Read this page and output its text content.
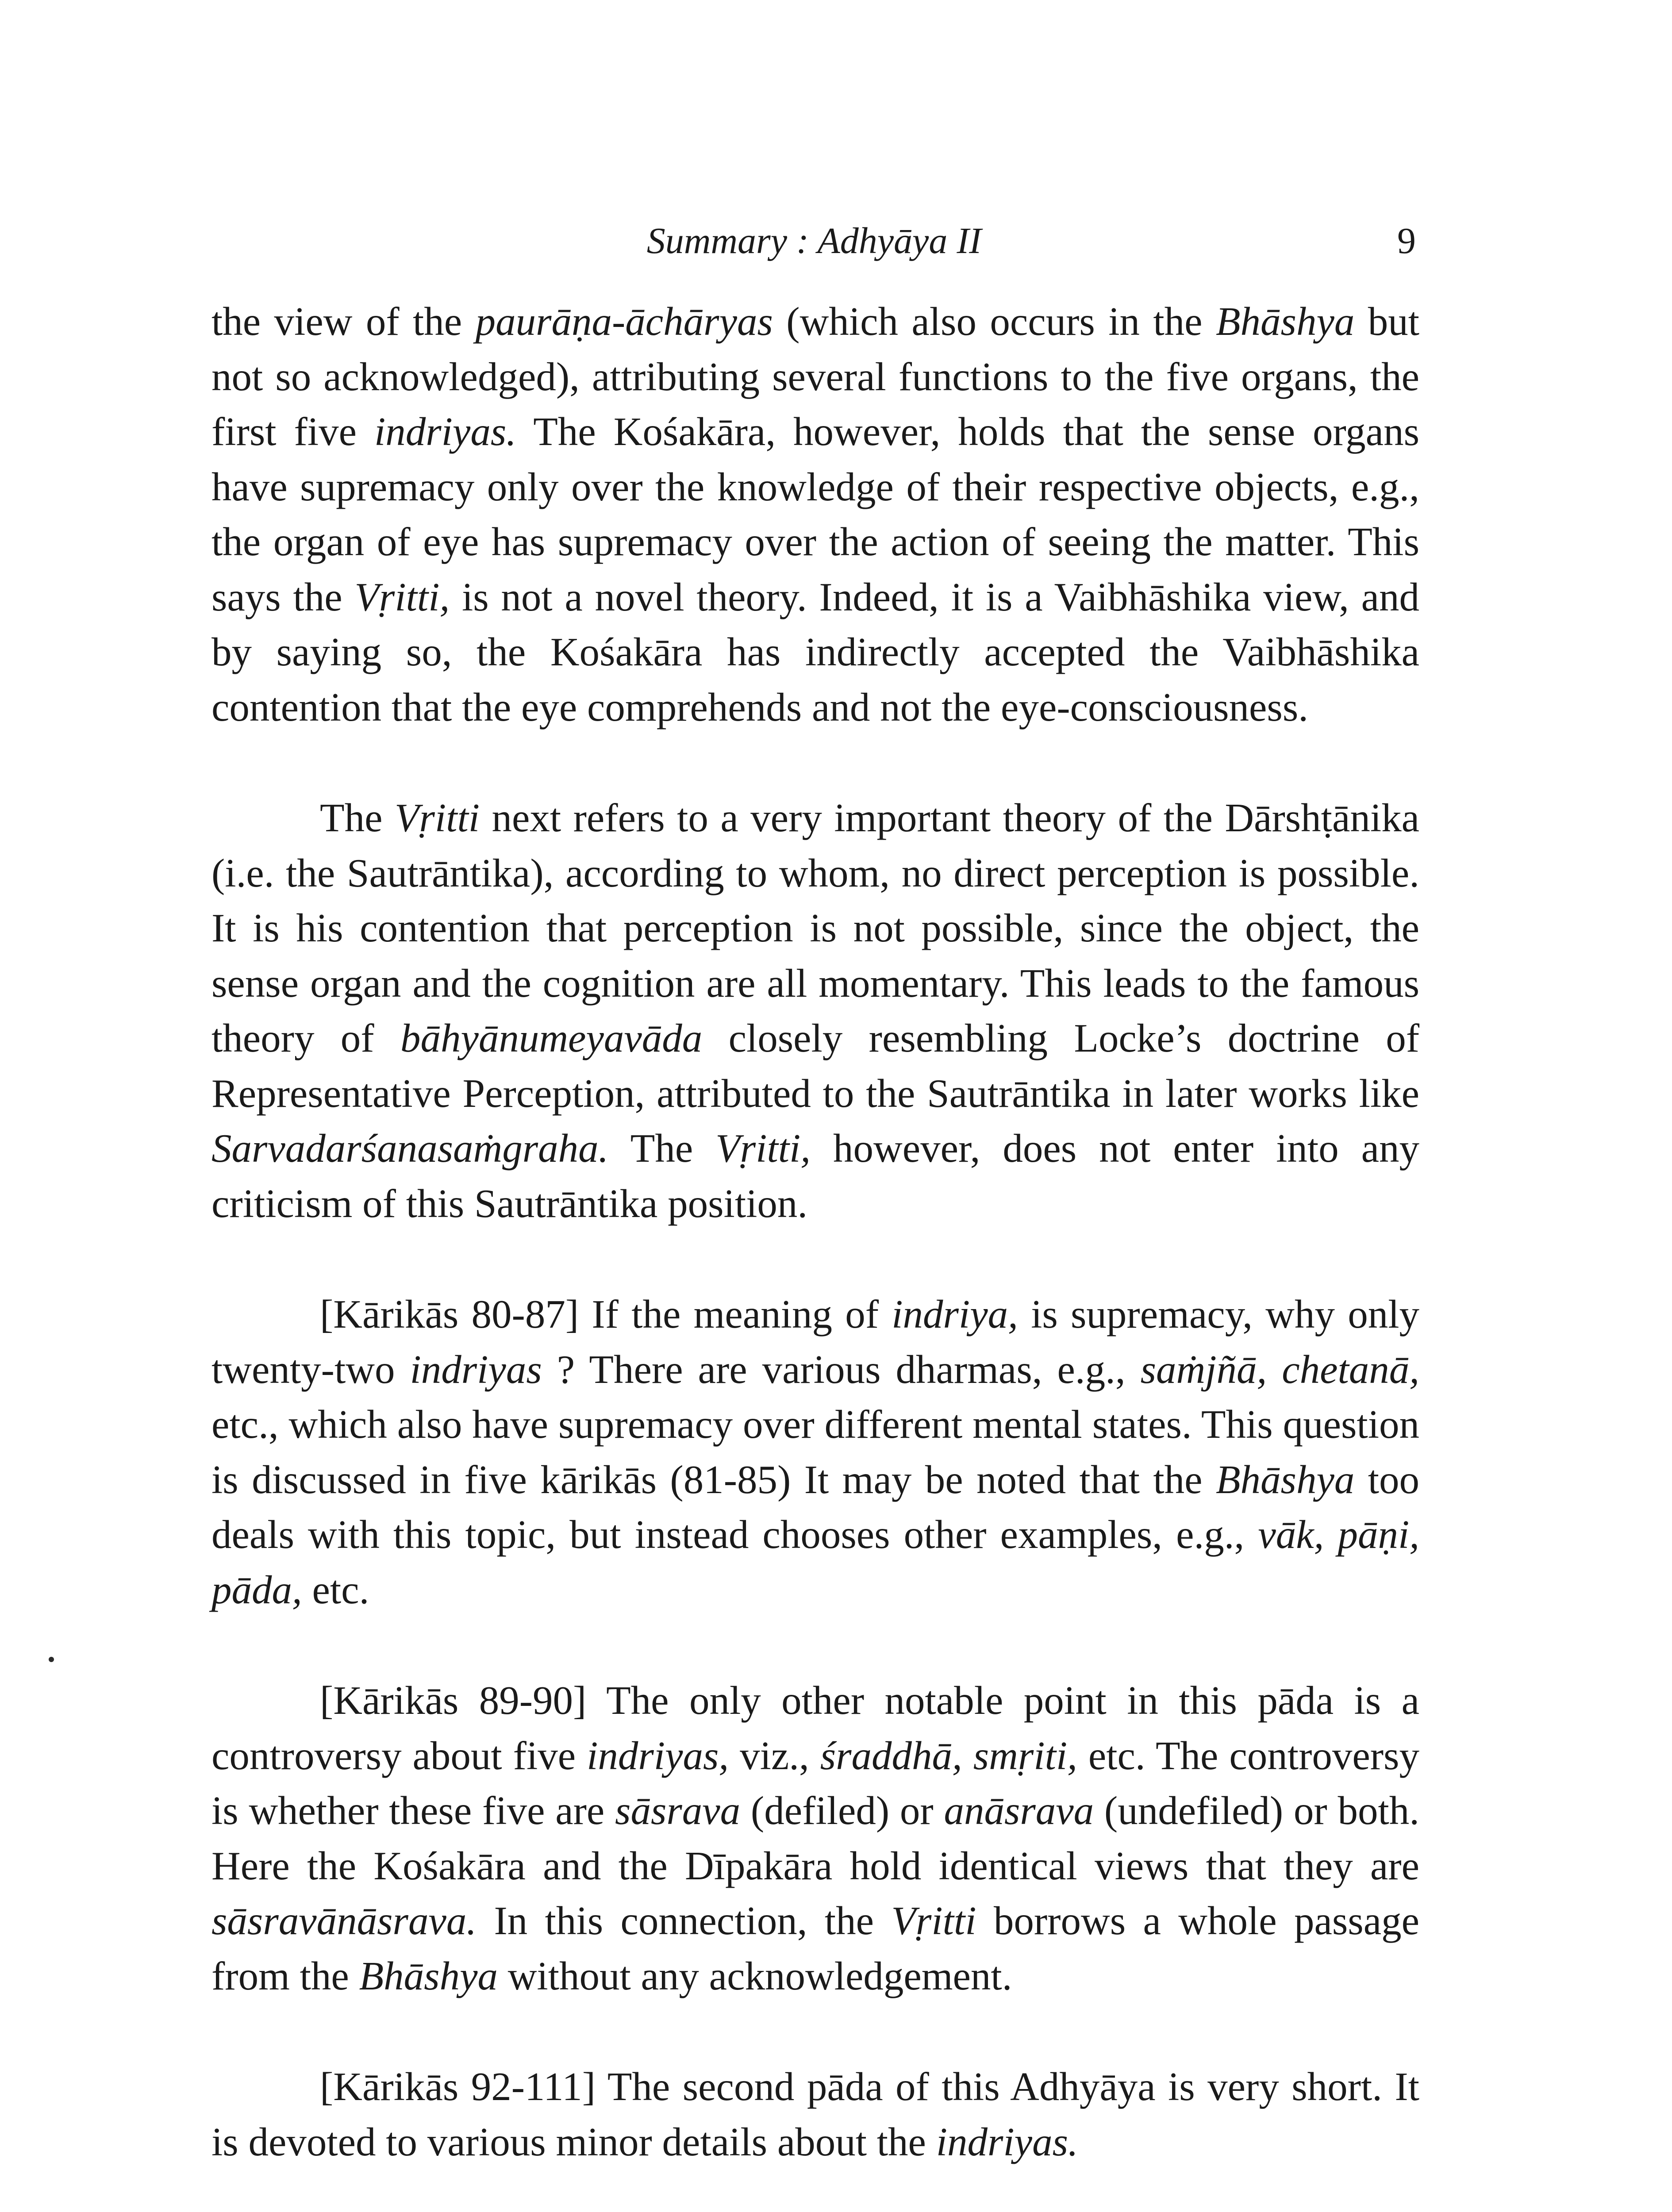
Summary : Adhyāya II	9

the view of the paurāṇa-āchāryas (which also occurs in the Bhāshya but not so acknowledged), attributing several functions to the five organs, the first five indriyas. The Kośakāra, however, holds that the sense organs have supremacy only over the knowledge of their respective objects, e.g., the organ of eye has supremacy over the action of seeing the matter. This says the Vṛitti, is not a novel theory. Indeed, it is a Vaibhāshika view, and by saying so, the Kośakāra has indirectly accepted the Vaibhāshika contention that the eye comprehends and not the eye-consciousness.

The Vṛitti next refers to a very important theory of the Dārshṭānika (i.e. the Sautrāntika), according to whom, no direct perception is possible. It is his contention that perception is not possible, since the object, the sense organ and the cognition are all momentary. This leads to the famous theory of bāhyānumeyavāda closely resembling Locke’s doctrine of Representative Perception, attributed to the Sautrāntika in later works like Sarvadarśanasaṁgraha. The Vṛitti, however, does not enter into any criticism of this Sautrāntika position.

[Kārikās 80-87] If the meaning of indriya, is supremacy, why only twenty-two indriyas ? There are various dharmas, e.g., saṁjñā, chetanā, etc., which also have supremacy over different mental states. This question is discussed in five kārikās (81-85) It may be noted that the Bhāshya too deals with this topic, but instead chooses other examples, e.g., vāk, pāṇi, pāda, etc.

[Kārikās 89-90] The only other notable point in this pāda is a controversy about five indriyas, viz., śraddhā, smṛiti, etc. The controversy is whether these five are sāsrava (defiled) or anāsrava (undefiled) or both. Here the Kośakāra and the Dīpakāra hold identical views that they are sāsravānāsrava. In this connection, the Vṛitti borrows a whole passage from the Bhāshya without any acknowledgement.

[Kārikās 92-111] The second pāda of this Adhyāya is very short. It is devoted to various minor details about the indriyas.
